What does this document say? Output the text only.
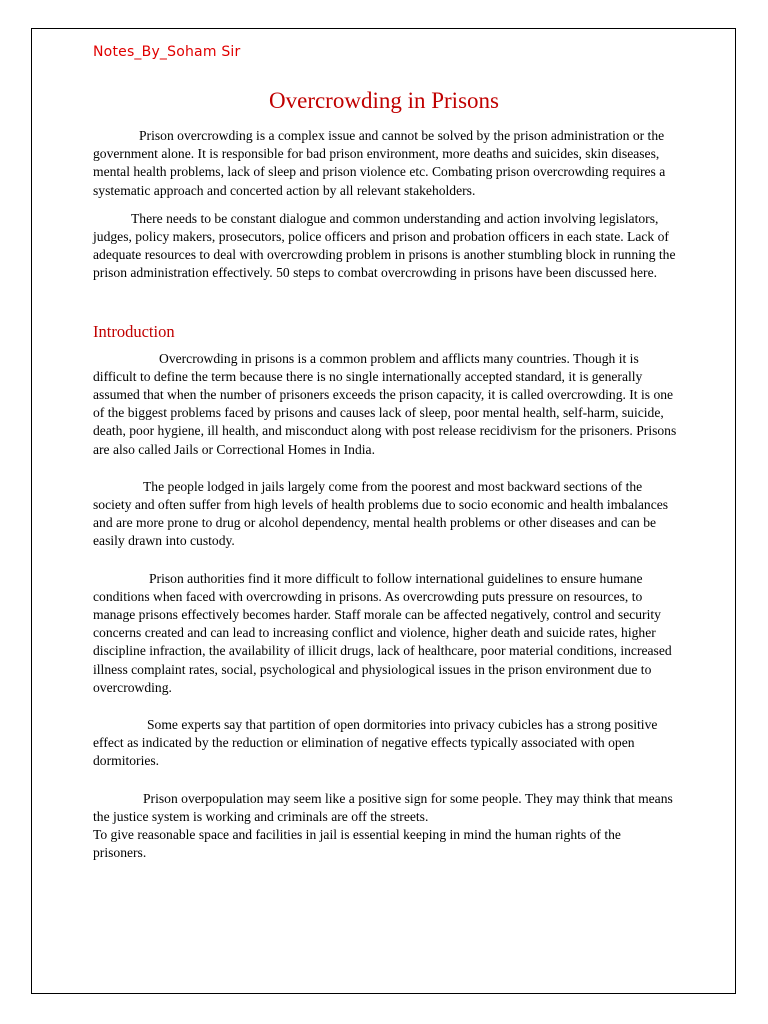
Notes_By_Soham Sir

Overcrowding in Prisons

Prison overcrowding is a complex issue and cannot be solved by the prison administration or the government alone. It is responsible for bad prison environment, more deaths and suicides, skin diseases, mental health problems, lack of sleep and prison violence etc. Combating prison overcrowding requires a systematic approach and concerted action by all relevant stakeholders.

There needs to be constant dialogue and common understanding and action involving legislators, judges, policy makers, prosecutors, police officers and prison and probation officers in each state. Lack of adequate resources to deal with overcrowding problem in prisons is another stumbling block in running the prison administration effectively. 50 steps to combat overcrowding in prisons have been discussed here.

Introduction

Overcrowding in prisons is a common problem and afflicts many countries. Though it is difficult to define the term because there is no single internationally accepted standard, it is generally assumed that when the number of prisoners exceeds the prison capacity, it is called overcrowding. It is one of the biggest problems faced by prisons and causes lack of sleep, poor mental health, self-harm, suicide, death, poor hygiene, ill health, and misconduct along with post release recidivism for the prisoners. Prisons are also called Jails or Correctional Homes in India.

The people lodged in jails largely come from the poorest and most backward sections of the society and often suffer from high levels of health problems due to socio economic and health imbalances and are more prone to drug or alcohol dependency, mental health problems or other diseases and can be easily drawn into custody.

Prison authorities find it more difficult to follow international guidelines to ensure humane conditions when faced with overcrowding in prisons. As overcrowding puts pressure on resources, to manage prisons effectively becomes harder. Staff morale can be affected negatively, control and security concerns created and can lead to increasing conflict and violence, higher death and suicide rates, higher discipline infraction, the availability of illicit drugs, lack of healthcare, poor material conditions, increased illness complaint rates, social, psychological and physiological issues in the prison environment due to overcrowding.

Some experts say that partition of open dormitories into privacy cubicles has a strong positive effect as indicated by the reduction or elimination of negative effects typically associated with open dormitories.

Prison overpopulation may seem like a positive sign for some people. They may think that means the justice system is working and criminals are off the streets.

To give reasonable space and facilities in jail is essential keeping in mind the human rights of the prisoners.
